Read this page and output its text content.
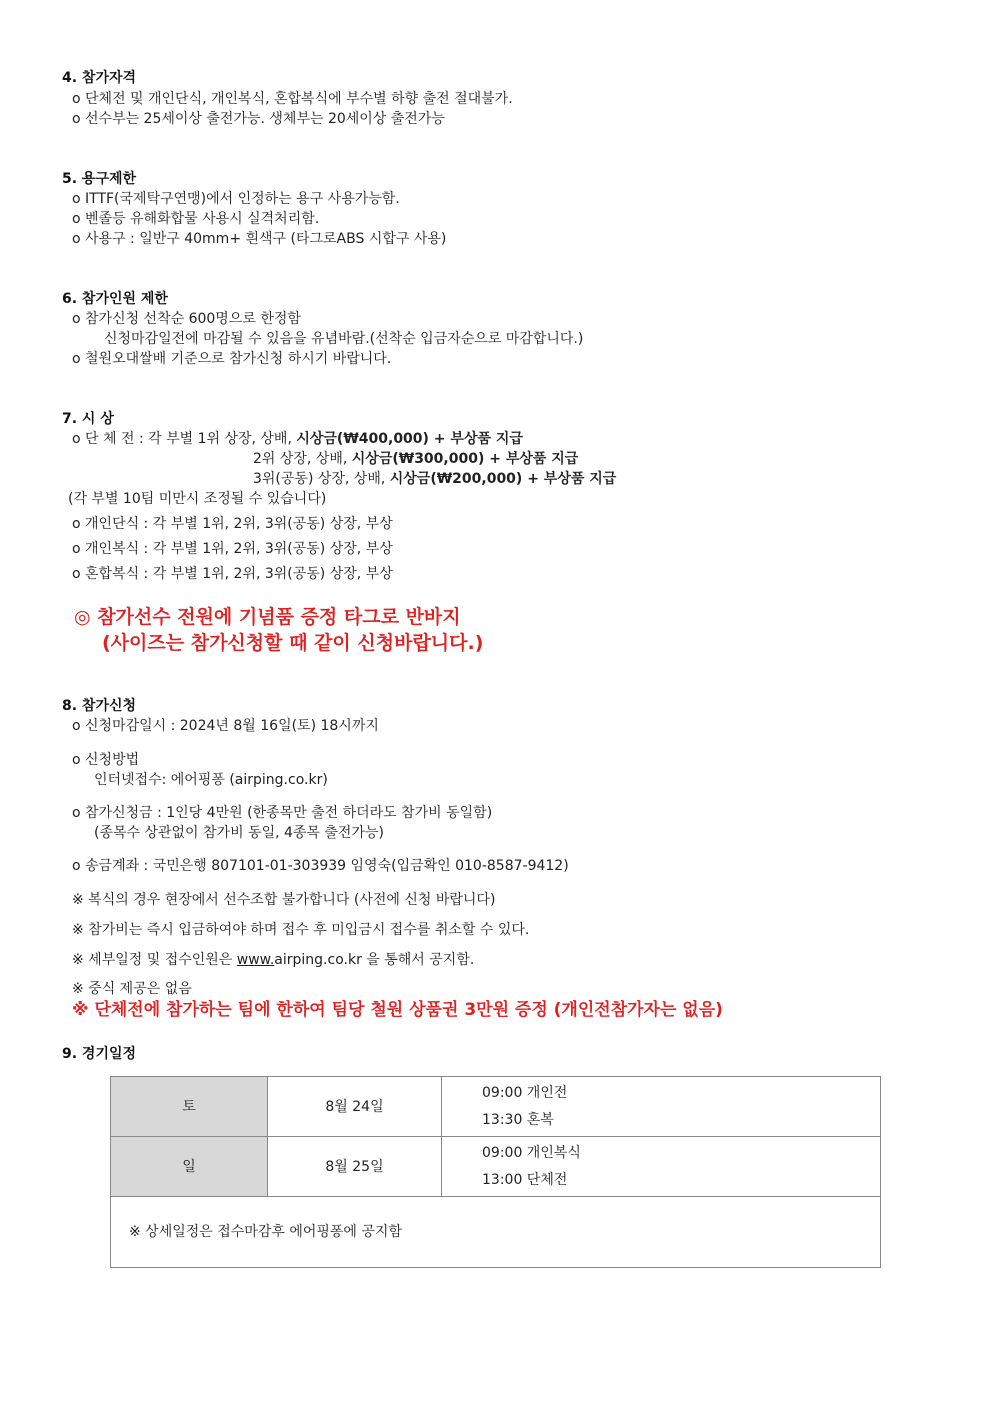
4. 참가자격
o 단체전 및 개인단식, 개인복식, 혼합복식에 부수별 하향 출전 절대불가.
o 선수부는 25세이상 출전가능. 생체부는 20세이상 출전가능
5. 용구제한
o ITTF(국제탁구연맹)에서 인정하는 용구 사용가능함.
o 벤졸등 유해화합물 사용시 실격처리함.
o 사용구 : 일반구 40mm+ 흰색구 (타그로ABS 시합구 사용)
6. 참가인원 제한
o 참가신청 선착순 600명으로 한정함
신청마감일전에 마감될 수 있음을 유념바람.(선착순 입금자순으로 마감합니다.)
o 철원오대쌀배 기준으로 참가신청 하시기 바랍니다.
7. 시 상
o 단 체 전 : 각 부별 1위 상장, 상배, 시상금(₩400,000) + 부상품 지급
2위 상장, 상배, 시상금(₩300,000) + 부상품 지급
3위(공동) 상장, 상배, 시상금(₩200,000) + 부상품 지급
(각 부별 10팀 미만시 조정될 수 있습니다)
o 개인단식 : 각 부별 1위, 2위, 3위(공동) 상장, 부상
o 개인복식 : 각 부별 1위, 2위, 3위(공동) 상장, 부상
o 혼합복식 : 각 부별 1위, 2위, 3위(공동) 상장, 부상
◎ 참가선수 전원에 기념품 증정 타그로 반바지
(사이즈는 참가신청할 때 같이 신청바랍니다.)
8. 참가신청
o 신청마감일시 : 2024년 8월 16일(토) 18시까지
o 신청방법
인터넷접수: 에어핑퐁 (airping.co.kr)
o 참가신청금 : 1인당 4만원 (한종목만 출전 하더라도 참가비 동일함)
(종목수 상관없이 참가비 동일, 4종목 출전가능)
o 송금계좌 : 국민은행 807101-01-303939 임영숙(입금확인 010-8587-9412)
※ 복식의 경우 현장에서 선수조합 불가합니다 (사전에 신청 바랍니다)
※ 참가비는 즉시 입금하여야 하며 접수 후 미입금시 접수를 취소할 수 있다.
※ 세부일정 및 접수인원은 www.airping.co.kr 을 통해서 공지함.
※ 중식 제공은 없음
※ 단체전에 참가하는 팀에 한하여 팀당 철원 상품권 3만원 증정 (개인전참가자는 없음)
9. 경기일정
토	8월 24일	09:00 개인전
13:30 혼복

일	8월 25일	09:00 개인복식
13:00 단체전

※ 상세일정은 접수마감후 에어핑퐁에 공지함		
